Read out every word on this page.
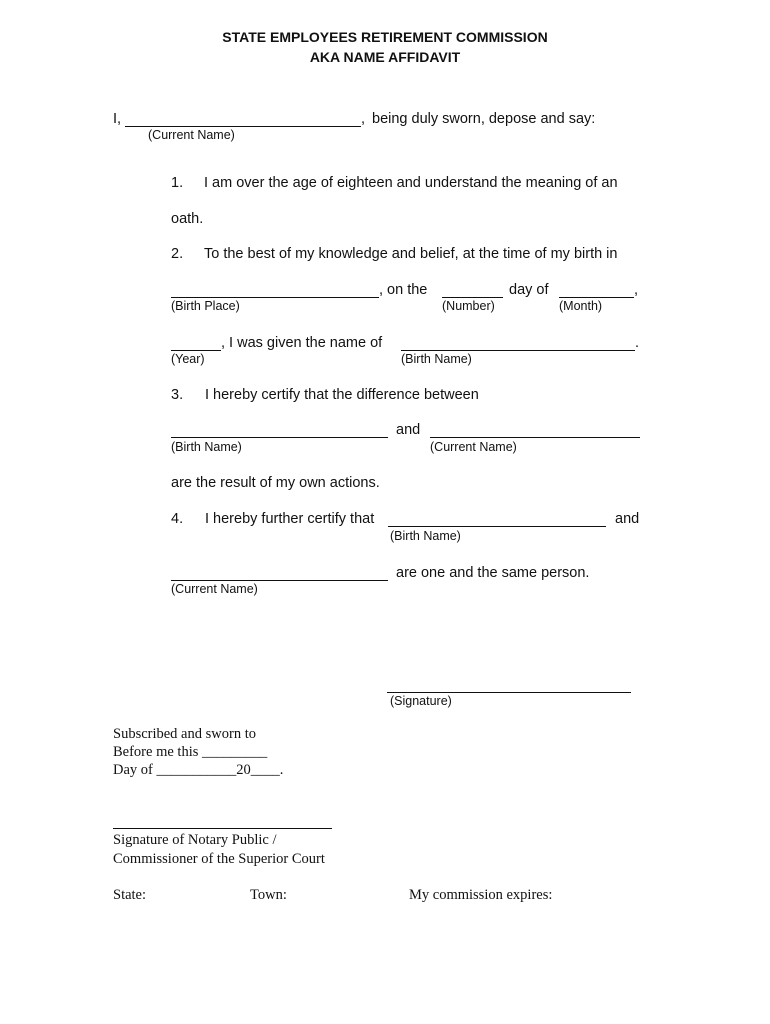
STATE EMPLOYEES RETIREMENT COMMISSION
AKA NAME AFFIDAVIT
I,	, being duly sworn, depose and say:
(Current Name)
1. I am over the age of eighteen and understand the meaning of an
oath.
2. To the best of my knowledge and belief, at the time of my birth in
, on the	day of	,
(Birth Place)	(Number)	(Month)
, I was given the name of	.
(Year)	(Birth Name)
3. I hereby certify that the difference between
and
(Birth Name)	(Current Name)
are the result of my own actions.
4. I hereby further certify that	and
(Birth Name)
are one and the same person.
(Current Name)
(Signature)
Subscribed and sworn to
Before me this _________
Day of ___________20____.
Signature of Notary Public /
Commissioner of the Superior Court
State:	Town:	My commission expires:
